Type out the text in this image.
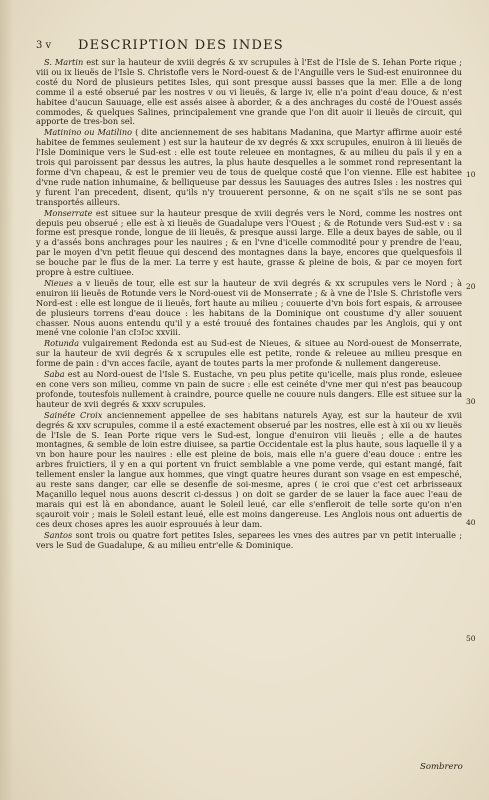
3 v DESCRIPTION DES INDES

S. Martin est sur la hauteur de xviii degrés & xv scrupules à l'Est de l'Isle de S. Iehan Porte rique ; viii ou ix lieuës de l'Isle S. Christofle vers le Nord-ouest & de l'Anguille vers le Sud-est enuironnee du costé du Nord de plusieurs petites Isles, qui sont presque aussi basses que la mer. Elle a de long comme il a esté obserué par les nostres v ou vi lieuës, & large iv, elle n'a point d'eau douce, & n'est habitee d'aucun Sauuage, elle est assés aisee à aborder, & a des anchrages du costé de l'Ouest assés commodes, & quelques Salines, principalement vne grande que l'on dit auoir ii lieuës de circuit, qui apporte de tres-bon sel.

Matinino ou Matilino ( dite anciennement de ses habitans Madanina, que Martyr affirme auoir esté habitee de femmes seulement ) est sur la hauteur de xv degrés & xxx scrupules, enuiron à iii lieuës de l'Isle Dominique vers le Sud-est : elle est toute releuee en montagnes, & au milieu du païs il y en a trois qui paroissent par dessus les autres, la plus haute desquelles a le sommet rond representant la forme d'vn chapeau, & est le premier veu de tous de quelque costé que l'on vienne. Elle est habitee d'vne rude nation inhumaine, & belliqueuse par dessus les Sauuages des autres Isles : les nostres qui y furent l'an precedent, disent, qu'ils n'y trouuerent personne, & on ne sçait s'ils ne se sont pas transportés ailleurs.

Monserrate est situee sur la hauteur presque de xviii degrés vers le Nord, comme les nostres ont depuis peu obserué ; elle est à xi lieuës de Guadalupe vers l'Ouest ; & de Rotunde vers Sud-est v : sa forme est presque ronde, longue de iii lieuës, & presque aussi large. Elle a deux bayes de sable, ou il y a d'assés bons anchrages pour les nauires ; & en l'vne d'icelle commodité pour y prendre de l'eau, par le moyen d'vn petit fleuue qui descend des montagnes dans la baye, encores que quelquesfois il se bouche par le flus de la mer. La terre y est haute, grasse & pleine de bois, & par ce moyen fort propre à estre cultiuee.

Nieues a v lieuës de tour, elle est sur la hauteur de xvii degrés & xx scrupules vers le Nord ; à enuiron iii lieuës de Rotunde vers le Nord-ouest vii de Monserrate ; & à vne de l'Isle S. Christofle vers Nord-est : elle est longue de ii lieuës, fort haute au milieu ; couuerte d'vn bois fort espais, & arrousee de plusieurs torrens d'eau douce : les habitans de la Dominique ont coustume d'y aller souuent chasser. Nous auons entendu qu'il y a esté trouué des fontaines chaudes par les Anglois, qui y ont mené vne colonie l'an cIↄIↄc xxviii.

Rotunda vulgairement Redonda est au Sud-est de Nieues, & situee au Nord-ouest de Monserrate, sur la hauteur de xvii degrés & x scrupules elle est petite, ronde & releuee au milieu presque en forme de pain : d'vn acces facile, ayant de toutes parts la mer profonde & nullement dangereuse.

Saba est au Nord-ouest de l'Isle S. Eustache, vn peu plus petite qu'icelle, mais plus ronde, esleuee en cone vers son milieu, comme vn pain de sucre : elle est ceinéte d'vne mer qui n'est pas beaucoup profonde, toutesfois nullement à craindre, pource quelle ne couure nuls dangers. Elle est situee sur la hauteur de xvii degrés & xxxv scrupules.

Sainéte Croix anciennement appellee de ses habitans naturels Ayay, est sur la hauteur de xvii degrés & xxv scrupules, comme il a esté exactement obserué par les nostres, elle est à xii ou xv lieuës de l'Isle de S. Iean Porte rique vers le Sud-est, longue d'enuiron viii lieuës ; elle a de hautes montagnes, & semble de loin estre diuisee, sa partie Occidentale est la plus haute, sous laquelle il y a vn bon haure pour les nauires : elle est pleine de bois, mais elle n'a guere d'eau douce : entre les arbres fruictiers, il y en a qui portent vn fruict semblable a vne pome verde, qui estant mangé, fait tellement ensler la langue aux hommes, que vingt quatre heures durant son vsage en est empesché, au reste sans danger, car elle se desenfle de soi-mesme, apres ( ie croi que c'est cet arbrisseaux Maçanillo lequel nous auons descrit ci-dessus ) on doit se garder de se lauer la face auec l'eau de marais qui est là en abondance, auant le Soleil leué, car elle s'enfleroit de telle sorte qu'on n'en sçauroit voir ; mais le Soleil estant leué, elle est moins dangereuse. Les Anglois nous ont aduertis de ces deux choses apres les auoir esprouués à leur dam.

Santos sont trois ou quatre fort petites Isles, separees les vnes des autres par vn petit interualle ; vers le Sud de Guadalupe, & au milieu entr'elle & Dominique.

10
20
30
40
50
Sombrero
